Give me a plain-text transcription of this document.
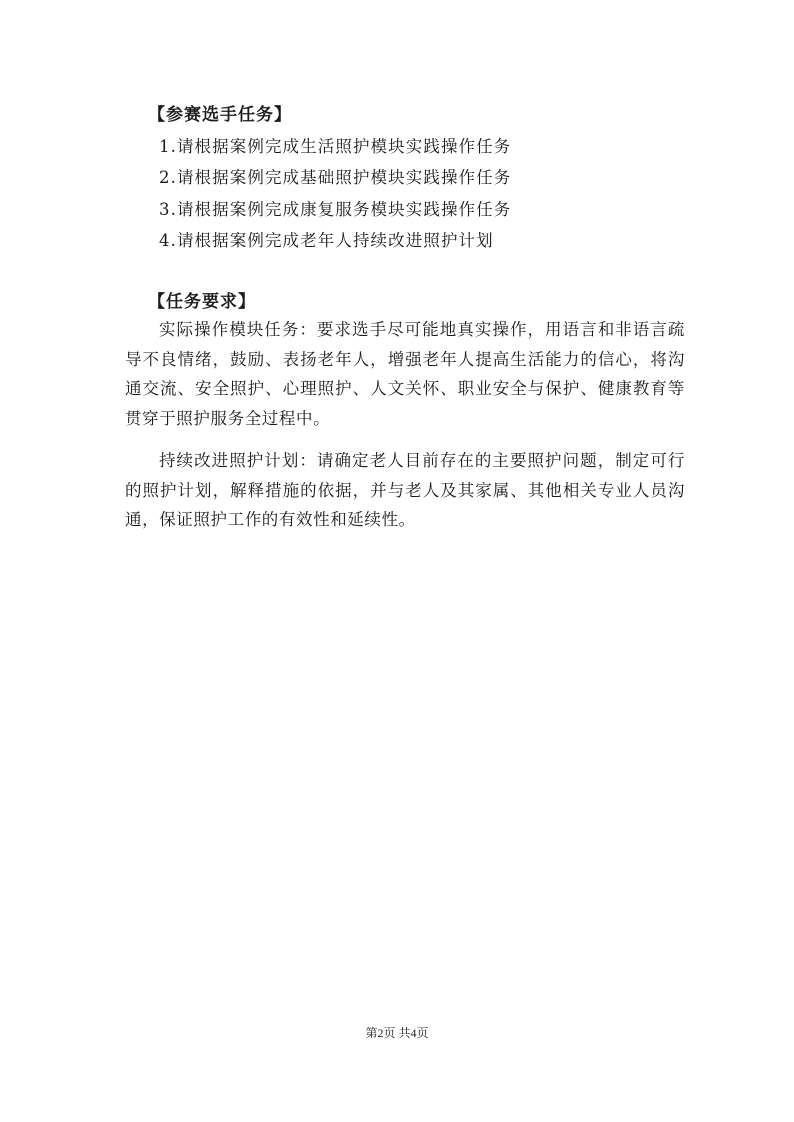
【参赛选手任务】
1.请根据案例完成生活照护模块实践操作任务
2.请根据案例完成基础照护模块实践操作任务
3.请根据案例完成康复服务模块实践操作任务
4.请根据案例完成老年人持续改进照护计划
【任务要求】
实际操作模块任务：要求选手尽可能地真实操作，用语言和非语言疏导不良情绪，鼓励、表扬老年人，增强老年人提高生活能力的信心，将沟通交流、安全照护、心理照护、人文关怀、职业安全与保护、健康教育等贯穿于照护服务全过程中。
持续改进照护计划：请确定老人目前存在的主要照护问题，制定可行的照护计划，解释措施的依据，并与老人及其家属、其他相关专业人员沟通，保证照护工作的有效性和延续性。
第2页 共4页
